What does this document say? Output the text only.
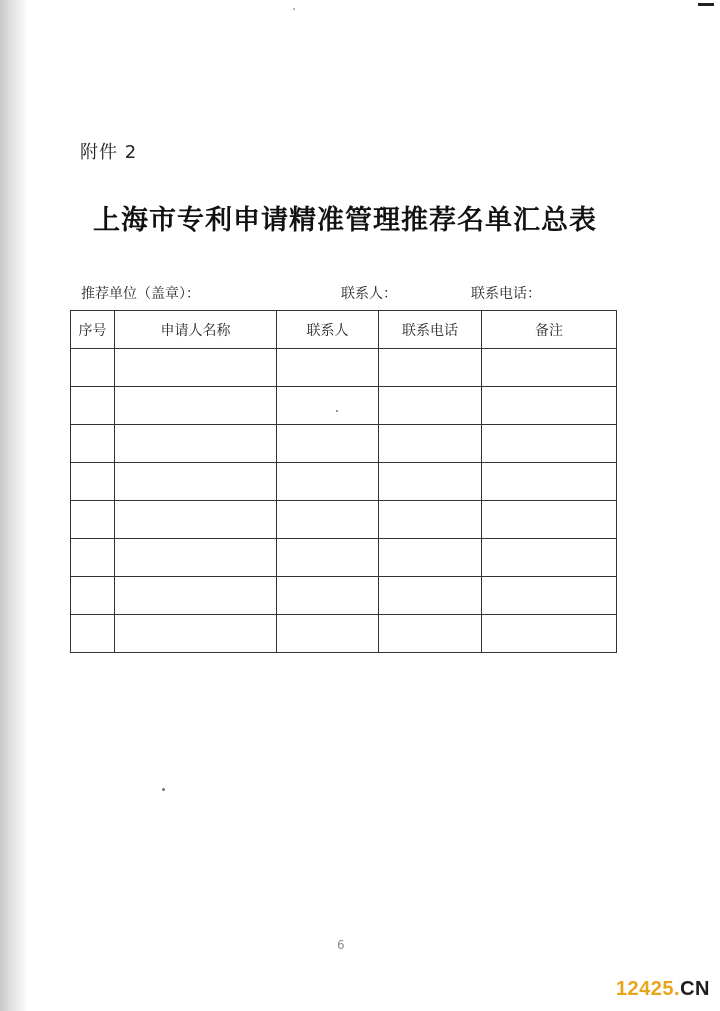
附件 2
上海市专利申请精准管理推荐名单汇总表
推荐单位（盖章）：	联系人：	联系电话：
序号	申请人名称	联系人	联系电话	备注

6
12425.CN
